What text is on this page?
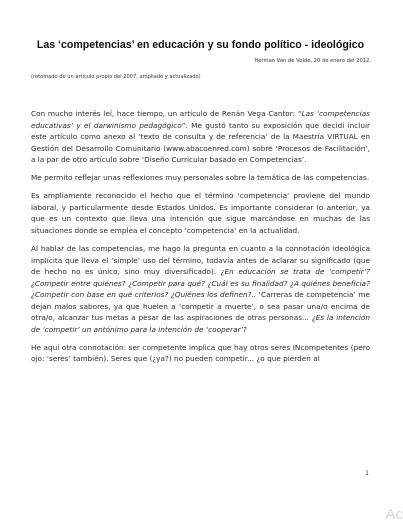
Las ‘competencias’ en educación y su fondo político - ideológico
Herman Van de Velde, 20 de enero del 2012.
(retomado de un artículo propio del 2007, ampliado y actualizado)

Con mucho interés leí, hace tiempo, un artículo de Renán Vega Cantor: “Las ‘competencias educativas’ y el darwinismo pedagógico”. Me gustó tanto su exposición que decidí incluir este artículo como anexo al ‘texto de consulta y de referencia’ de la Maestría VIRTUAL en Gestión del Desarrollo Comunitario (www.abacoenred.com) sobre ‘Procesos de Facilitación’, a la par de otro artículo sobre ‘Diseño Curricular basado en Competencias’.

Me permito reflejar unas reflexiones muy personales sobre la temática de las competencias.

Es ampliamente reconocido el hecho que el término ‘competencia’ proviene del mundo laboral, y particularmente desde Estados Unidos. Es importante considerar lo anterior, ya que es un contexto que lleva una intención que sigue marcándose en muchas de las situaciones donde se emplea el concepto ‘competencia’ en la actualidad.

Al hablar de las competencias, me hago la pregunta en cuanto a la connotación ideológica implícita que lleva el ‘simple’ uso del término, todavía antes de aclarar su significado (que de hecho no es único, sino muy diversificado). ¿En educación se trata de ‘competir’? ¿Competir entre quiénes? ¿Competir para qué? ¿Cuál es su finalidad? ¿A quiénes beneficia? ¿Competir con base en qué criterios? ¿Quiénes los definen?.. ‘Carreras de competencia’ me dejan malos sabores, ya que huelen a ‘competir a muerte’, o sea pasar una/o encima de otra/o, alcanzar tus metas a pesar de las aspiraciones de otras personas... ¿Es la intención de ‘competir’ un antónimo para la intención de ‘cooperar’?

He aquí otra connotación: ser competente implica que hay otros seres INcompetentes (pero ojo: ‘seres’ también). Seres que (¿ya?) no pueden competir... ¿o que pierden al

1
Ac
